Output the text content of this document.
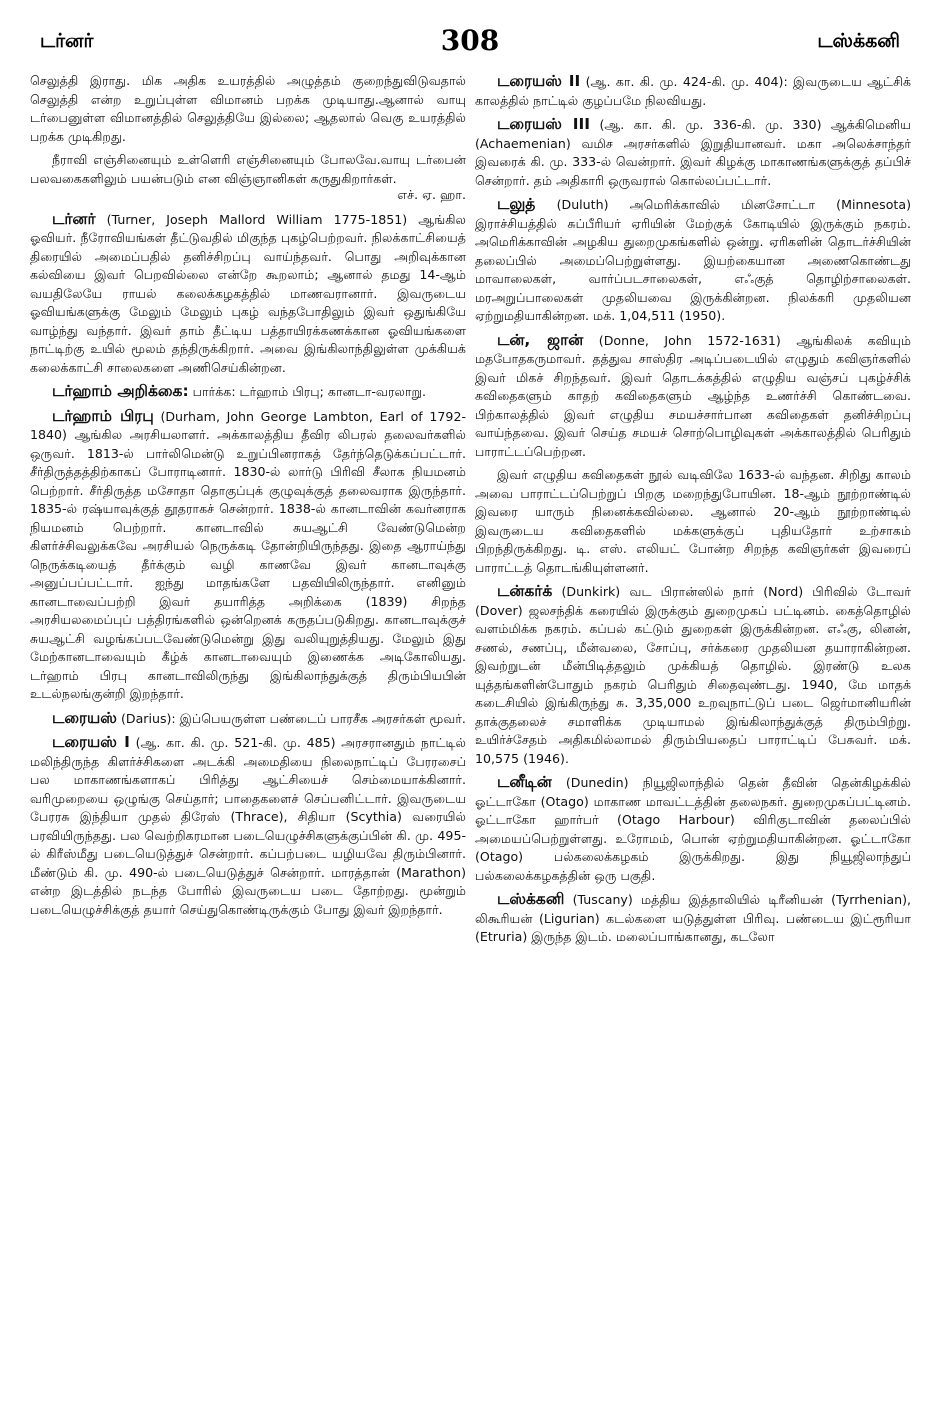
டர்னர்	308	டஸ்க்கனி

செலுத்தி இராது. மிக அதிக உயரத்தில் அழுத்தம் குறைந்துவிடுவதால் செலுத்தி என்ற உறுப்புள்ள விமானம் பறக்க முடியாது.ஆனால் வாயு டர்பைனுள்ள விமானத்தில் செலுத்தியே இல்லை; ஆதலால் வெகு உயரத்தில் பறக்க முடிகிறது.

நீராவி எஞ்சினையும் உள்ளெரி எஞ்சினையும் போலவே.வாயு டர்பைன் பலவகைகளிலும் பயன்படும் என விஞ்ஞானிகள் கருதுகிறார்கள்.
எச். ஏ. ஹா.

டர்னர் (Turner, Joseph Mallord William 1775-1851) ஆங்கில ஓவியர். நீரோவியங்கள் தீட்டுவதில் மிகுந்த புகழ்பெற்றவர். நிலக்காட்சியைத் திரையில் அமைப்பதில் தனிச்சிறப்பு வாய்ந்தவர். பொது அறிவுக்கான கல்வியை இவர் பெறவில்லை என்றே கூறலாம்; ஆனால் தமது 14-ஆம் வயதிலேயே ராயல் கலைக்கழகத்தில் மாணவரானார். இவருடைய ஓவியங்களுக்கு மேலும் மேலும் புகழ் வந்தபோதிலும் இவர் ஒதுங்கியே வாழ்ந்து வந்தார். இவர் தாம் தீட்டிய பத்தாயிரக்கணக்கான ஓவியங்களை நாட்டிற்கு உயில் மூலம் தந்திருக்கிறார். அவை இங்கிலாந்திலுள்ள முக்கியக் கலைக்காட்சி சாலைகளை அணிசெய்கின்றன.

டர்ஹாம் அறிக்கை: பார்க்க: டர்ஹாம் பிரபு; கானடா-வரலாறு.

டர்ஹாம் பிரபு (Durham, John George Lambton, Earl of 1792-1840) ஆங்கில அரசியலாளர். அக்காலத்திய தீவிர லிபரல் தலைவர்களில் ஒருவர். 1813-ல் பார்லிமென்டு உறுப்பினராகத் தேர்ந்தெடுக்கப்பட்டார். சீர்திருத்தத்திற்காகப் போராடினார். 1830-ல் லார்டு பிரிவி சீலாக நியமனம் பெற்றார். சீர்திருத்த மசோதா தொகுப்புக் குழுவுக்குத் தலைவராக இருந்தார். 1835-ல் ரஷ்யாவுக்குத் தூதராகச் சென்றார். 1838-ல் கானடாவின் கவர்னராக நியமனம் பெற்றார். கானடாவில் சுயஆட்சி வேண்டுமென்ற கிளர்ச்சிவலுக்கவே அரசியல் நெருக்கடி தோன்றியிருந்தது. இதை ஆராய்ந்து நெருக்கடியைத் தீர்க்கும் வழி காணவே இவர் கானடாவுக்கு அனுப்பப்பட்டார். ஐந்து மாதங்களே பதவியிலிருந்தார். எனினும் கானடாவைப்பற்றி இவர் தயாரித்த அறிக்கை (1839) சிறந்த அரசியலமைப்புப் பத்திரங்களில் ஒன்றெனக் கருதப்படுகிறது. கானடாவுக்குச் சுயஆட்சி வழங்கப்படவேண்டுமென்று இது வலியுறுத்தியது. மேலும் இது மேற்கானடாவையும் கீழ்க் கானடாவையும் இணைக்க அடிகோலியது. டர்ஹாம் பிரபு கானடாவிலிருந்து இங்கிலாந்துக்குத் திரும்பியபின் உடல்நலங்குன்றி இறந்தார்.

டரையஸ் (Darius): இப்பெயருள்ள பண்டைப் பாரசீக அரசர்கள் மூவர்.

டரையஸ் I (ஆ. கா. கி. மு. 521-கி. மு. 485) அரசரானதும் நாட்டில் மலிந்திருந்த கிளர்ச்சிகளை அடக்கி அமைதியை நிலைநாட்டிப் பேரரசைப் பல மாகாணங்களாகப் பிரித்து ஆட்சியைச் செம்மையாக்கினார். வரிமுறையை ஒழுங்கு செய்தார்; பாதைகளைச் செப்பனிட்டார். இவருடைய பேரரசு இந்தியா முதல் திரேஸ் (Thrace), சிதியா (Scythia) வரையில் பரவியிருந்தது. பல வெற்றிகரமான படையெழுச்சிகளுக்குப்பின் கி. மு. 495-ல் கிரீஸ்மீது படையெடுத்துச் சென்றார். கப்பற்படை யழியவே திரும்பினார். மீண்டும் கி. மு. 490-ல் படையெடுத்துச் சென்றார். மாரத்தான் (Marathon) என்ற இடத்தில் நடந்த போரில் இவருடைய படை தோற்றது. மூன்றும் படையெழுச்சிக்குத் தயார் செய்துகொண்டிருக்கும் போது இவர் இறந்தார்.

டரையஸ் II (ஆ. கா. கி. மு. 424-கி. மு. 404): இவருடைய ஆட்சிக் காலத்தில் நாட்டில் குழப்பமே நிலவியது.

டரையஸ் III (ஆ. கா. கி. மு. 336-கி. மு. 330) ஆக்கிமெனிய (Achaemenian) வமிச அரசர்களில் இறுதியானவர். மகா அலெக்சாந்தர் இவரைக் கி. மு. 333-ல் வென்றார். இவர் கிழக்கு மாகாணங்களுக்குத் தப்பிச் சென்றார். தம் அதிகாரி ஒருவரால் கொல்லப்பட்டார்.

டலுத் (Duluth) அமெரிக்காவில் மினசோட்டா (Minnesota) இராச்சியத்தில் சுப்பீரியர் ஏரியின் மேற்குக் கோடியில் இருக்கும் நகரம். அமெரிக்காவின் அழகிய துறைமுகங்களில் ஒன்று. ஏரிகளின் தொடர்ச்சியின் தலைப்பில் அமைப்பெற்றுள்ளது. இயற்கையான அணைகொண்டது மாவாலைகள், வார்ப்படசாலைகள், எஃகுத் தொழிற்சாலைகள். மரஅறுப்பாலைகள் முதலியவை இருக்கின்றன. நிலக்கரி முதலியன ஏற்றுமதியாகின்றன. மக். 1,04,511 (1950).

டன், ஜான் (Donne, John 1572-1631) ஆங்கிலக் கவியும் மதபோதகருமாவர். தத்துவ சாஸ்திர அடிப்படையில் எழுதும் கவிஞர்களில் இவர் மிகச் சிறந்தவர். இவர் தொடக்கத்தில் எழுதிய வஞ்சப் புகழ்ச்சிக் கவிதைகளும் காதற் கவிதைகளும் ஆழ்ந்த உணர்ச்சி கொண்டவை. பிற்காலத்தில் இவர் எழுதிய சமயச்சார்பான கவிதைகள் தனிச்சிறப்பு வாய்ந்தவை. இவர் செய்த சமயச் சொற்பொழிவுகள் அக்காலத்தில் பெரிதும் பாராட்டப்பெற்றன.

இவர் எழுதிய கவிதைகள் நூல் வடிவிலே 1633-ல் வந்தன. சிறிது காலம் அவை பாராட்டப்பெற்றுப் பிறகு மறைந்துபோயின. 18-ஆம் நூற்றாண்டில் இவரை யாரும் நினைக்கவில்லை. ஆனால் 20-ஆம் நூற்றாண்டில் இவருடைய கவிதைகளில் மக்களுக்குப் புதியதோர் உற்சாகம் பிறந்திருக்கிறது. டி. எஸ். எலியட் போன்ற சிறந்த கவிஞர்கள் இவரைப் பாராட்டத் தொடங்கியுள்ளனர்.

டன்கர்க் (Dunkirk) வட பிரான்ஸில் நார் (Nord) பிரிவில் டோவர் (Dover) ஜலசந்திக் கரையில் இருக்கும் துறைமுகப் பட்டினம். கைத்தொழில் வளம்மிக்க நகரம். கப்பல் கட்டும் துறைகள் இருக்கின்றன. எஃகு, லினன், சணல், சணப்பு, மீன்வலை, சோப்பு, சர்க்கரை முதலியன தயாராகின்றன. இவற்றுடன் மீன்பிடித்தலும் முக்கியத் தொழில். இரண்டு உலக யுத்தங்களின்போதும் நகரம் பெரிதும் சிதைவுண்டது. 1940, மே மாதக் கடைசியில் இங்கிருந்து சு. 3,35,000 உறவுநாட்டுப் படை ஜெர்மானியரின் தாக்குதலைச் சமாளிக்க முடியாமல் இங்கிலாந்துக்குத் திரும்பிற்று. உயிர்ச்சேதம் அதிகமில்லாமல் திரும்பியதைப் பாராட்டிப் பேசுவர். மக். 10,575 (1946).

டனீடின் (Dunedin) நியூஜிலாந்தில் தென் தீவின் தென்கிழக்கில் ஓட்டாகோ (Otago) மாகாண மாவட்டத்தின் தலைநகர். துறைமுகப்பட்டினம். ஓட்டாகோ ஹார்பர் (Otago Harbour) விரிகுடாவின் தலைப்பில் அமையப்பெற்றுள்ளது. உரோமம், பொன் ஏற்றுமதியாகின்றன. ஓட்டாகோ (Otago) பல்கலைக்கழகம் இருக்கிறது. இது நியூஜிலாந்துப் பல்கலைக்கழகத்தின் ஒரு பகுதி.

டஸ்க்கனி (Tuscany) மத்திய இத்தாலியில் டிரீனியன் (Tyrrhenian), லிகூரியன் (Ligurian) கடல்களை யடுத்துள்ள பிரிவு. பண்டைய இட்ரூரியா (Etruria) இருந்த இடம். மலைப்பாங்கானது, கடலோ
